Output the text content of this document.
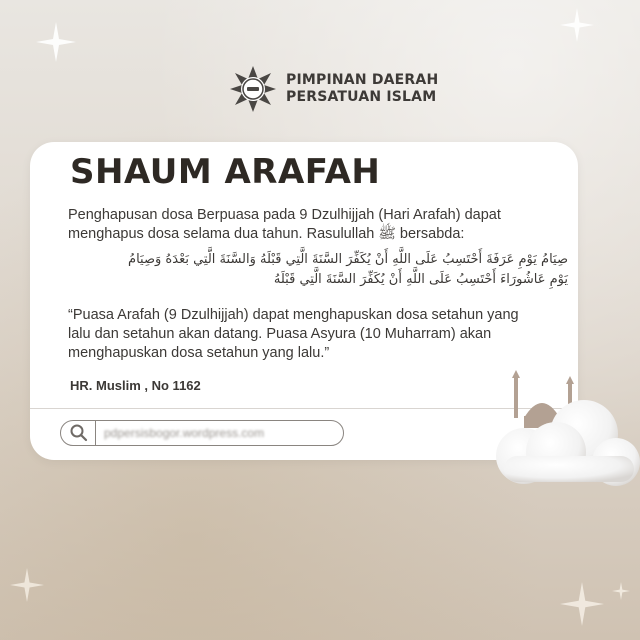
PIMPINAN DAERAH
PERSATUAN ISLAM
SHAUM ARAFAH

Penghapusan dosa Berpuasa pada 9 Dzulhijjah (Hari Arafah) dapat menghapus dosa selama dua tahun. Rasulullah ﷺ bersabda:

صِيَامُ يَوْمِ عَرَفَةَ أَحْتَسِبُ عَلَى اللَّهِ أَنْ يُكَفِّرَ السَّنَةَ الَّتِي قَبْلَهُ وَالسَّنَةَ الَّتِي بَعْدَهُ وَصِيَامُ
يَوْمِ عَاشُورَاءَ أَحْتَسِبُ عَلَى اللَّهِ أَنْ يُكَفِّرَ السَّنَةَ الَّتِي قَبْلَهُ

“Puasa Arafah (9 Dzulhijjah) dapat menghapuskan dosa setahun yang lalu dan setahun akan datang. Puasa Asyura (10 Muharram) akan menghapuskan dosa setahun yang lalu.”

HR. Muslim , No 1162

pdpersisbogor.wordpress.com
